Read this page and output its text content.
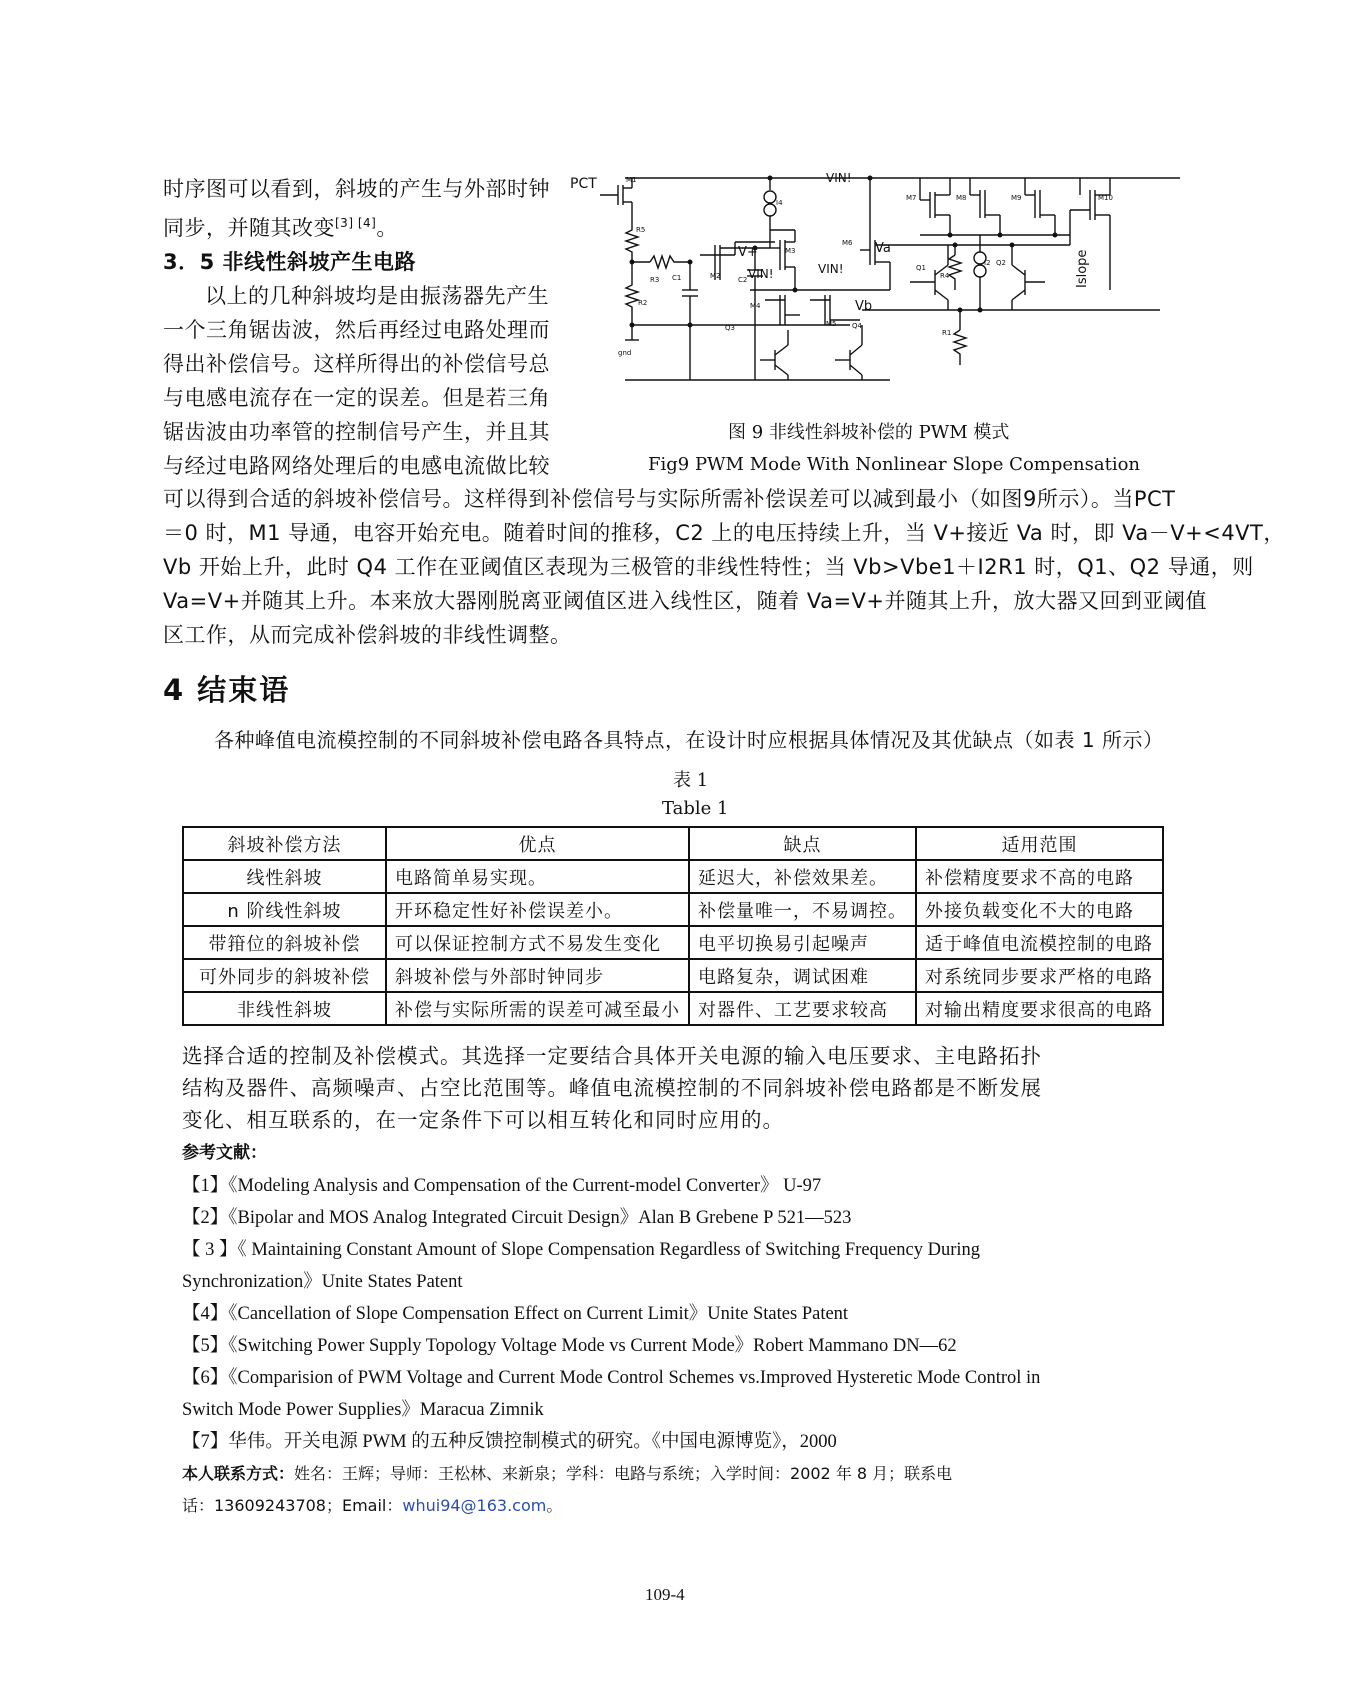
时序图可以看到，斜坡的产生与外部时钟
同步，并随其改变[3] [4]。
3．5 非线性斜坡产生电路
以上的几种斜坡均是由振荡器先产生
一个三角锯齿波，然后再经过电路处理而
得出补偿信号。这样所得出的补偿信号总
与电感电流存在一定的误差。但是若三角
锯齿波由功率管的控制信号产生，并且其
与经过电路网络处理后的电感电流做比较
PCT	M1
R5
R3
R2
gnd
M2
C1	C2
I4
V+	M3
VIN!
VIN!	VIN!
M4
Q3	M5 Q4
M6 Va
Vb
Q1
R4
I2 Q2
R1
M7	M8	M9	M10
Islope
图 9 非线性斜坡补偿的 PWM 模式
Fig9 PWM Mode With Nonlinear Slope Compensation
可以得到合适的斜坡补偿信号。这样得到补偿信号与实际所需补偿误差可以减到最小（如图9所示）。当PCT
＝0 时，M1 导通，电容开始充电。随着时间的推移，C2 上的电压持续上升，当 V+接近 Va 时，即 Va－V+<4VT，
Vb 开始上升，此时 Q4 工作在亚阈值区表现为三极管的非线性特性；当 Vb>Vbe1＋I2R1 时，Q1、Q2 导通，则
Va=V+并随其上升。本来放大器刚脱离亚阈值区进入线性区，随着 Va=V+并随其上升，放大器又回到亚阈值
区工作，从而完成补偿斜坡的非线性调整。
4 结束语
各种峰值电流模控制的不同斜坡补偿电路各具特点，在设计时应根据具体情况及其优缺点（如表 1 所示）
表 1
Table 1
斜坡补偿方法	优点	缺点	适用范围
线性斜坡	电路简单易实现。	延迟大，补偿效果差。	补偿精度要求不高的电路
n 阶线性斜坡	开环稳定性好补偿误差小。	补偿量唯一，不易调控。	外接负载变化不大的电路
带箝位的斜坡补偿	可以保证控制方式不易发生变化	电平切换易引起噪声	适于峰值电流模控制的电路
可外同步的斜坡补偿	斜坡补偿与外部时钟同步	电路复杂，调试困难	对系统同步要求严格的电路
非线性斜坡	补偿与实际所需的误差可减至最小	对器件、工艺要求较高	对输出精度要求很高的电路
选择合适的控制及补偿模式。其选择一定要结合具体开关电源的输入电压要求、主电路拓扑
结构及器件、高频噪声、占空比范围等。峰值电流模控制的不同斜坡补偿电路都是不断发展
变化、相互联系的，在一定条件下可以相互转化和同时应用的。
参考文献：
【1】《Modeling Analysis and Compensation of the Current-model Converter》 U-97
【2】《Bipolar and MOS Analog Integrated Circuit Design》Alan B Grebene P 521—523
【 3 】《 Maintaining Constant Amount of Slope Compensation Regardless of Switching Frequency During
Synchronization》Unite States Patent
【4】《Cancellation of Slope Compensation Effect on Current Limit》Unite States Patent
【5】《Switching Power Supply Topology Voltage Mode vs Current Mode》Robert Mammano DN—62
【6】《Comparision of PWM Voltage and Current Mode Control Schemes vs.Improved Hysteretic Mode Control in
Switch Mode Power Supplies》Maracua Zimnik
【7】华伟。开关电源 PWM 的五种反馈控制模式的研究。《中国电源博览》，2000
本人联系方式：姓名：王辉；导师：王松林、来新泉；学科：电路与系统；入学时间：2002 年 8 月；联系电
话：13609243708；Email：whui94@163.com。
109-4
